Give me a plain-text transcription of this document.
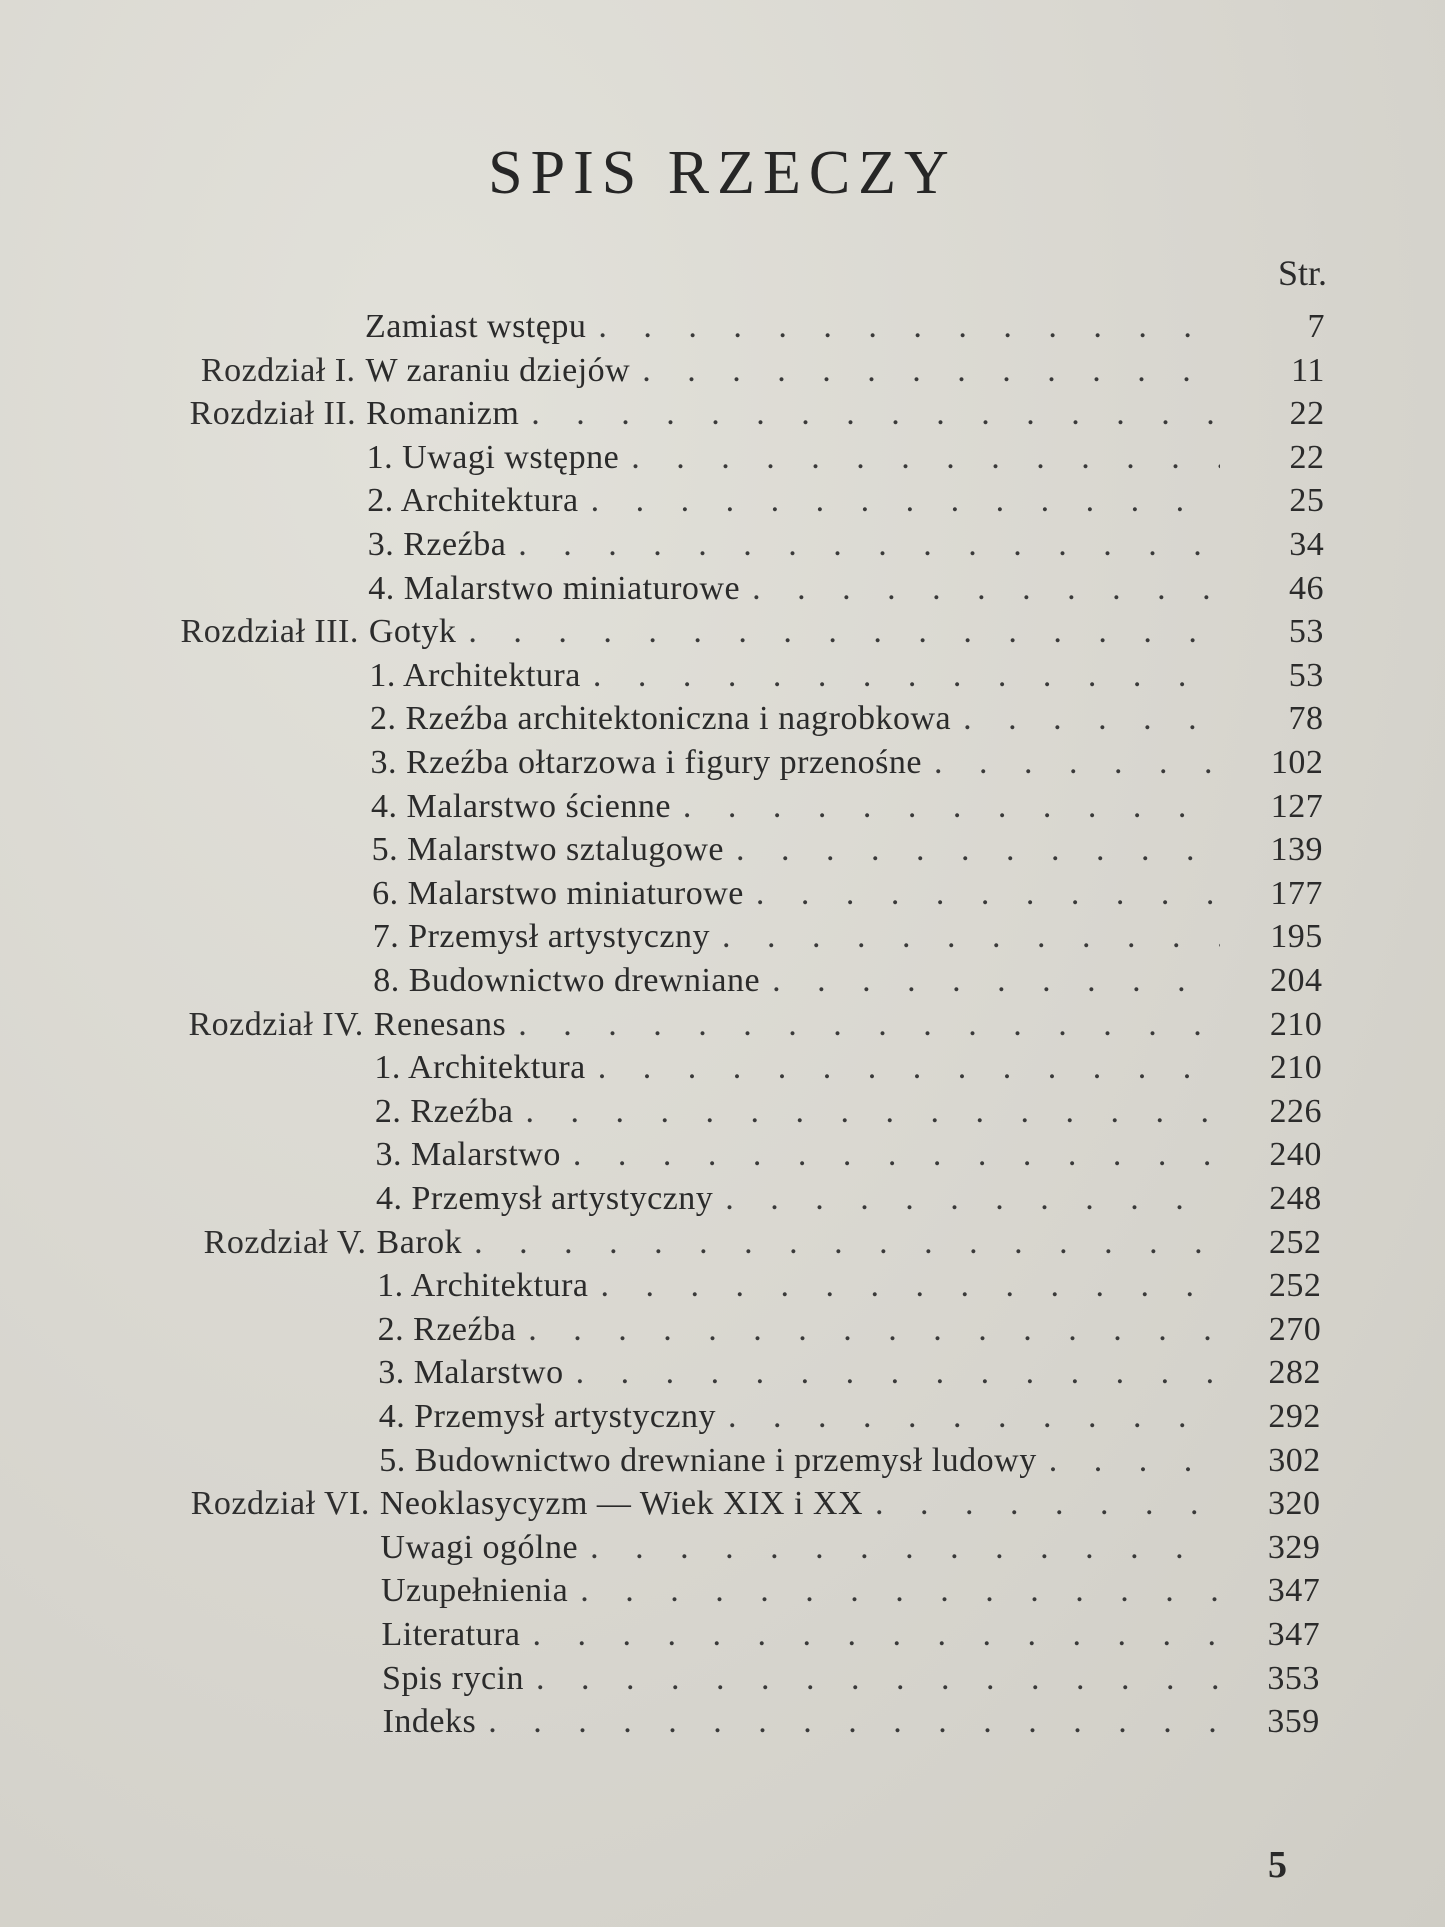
SPIS RZECZY
Str.
Zamiast wstępu . . .	7
Rozdział I. W zaraniu dziejów . . .	11
Rozdział II. Romanizm . . .	22
1. Uwagi wstępne . . .	22
2. Architektura . . .	25
3. Rzeźba . . .	34
4. Malarstwo miniaturowe . . .	46
Rozdział III. Gotyk . . .	53
1. Architektura . . .	53
2. Rzeźba architektoniczna i nagrobkowa . . .	78
3. Rzeźba ołtarzowa i figury przenośne . . .	102
4. Malarstwo ścienne . . .	127
5. Malarstwo sztalugowe . . .	139
6. Malarstwo miniaturowe . . .	177
7. Przemysł artystyczny . . .	195
8. Budownictwo drewniane . . .	204
Rozdział IV. Renesans . . .	210
1. Architektura . . .	210
2. Rzeźba . . .	226
3. Malarstwo . . .	240
4. Przemysł artystyczny . . .	248
Rozdział V. Barok . . .	252
1. Architektura . . .	252
2. Rzeźba . . .	270
3. Malarstwo . . .	282
4. Przemysł artystyczny . . .	292
5. Budownictwo drewniane i przemysł ludowy . . .	302
Rozdział VI. Neoklasycyzm — Wiek XIX i XX . . .	320
Uwagi ogólne . . .	329
Uzupełnienia . . .	347
Literatura . . .	347
Spis rycin . . .	353
Indeks . . .	359
5
